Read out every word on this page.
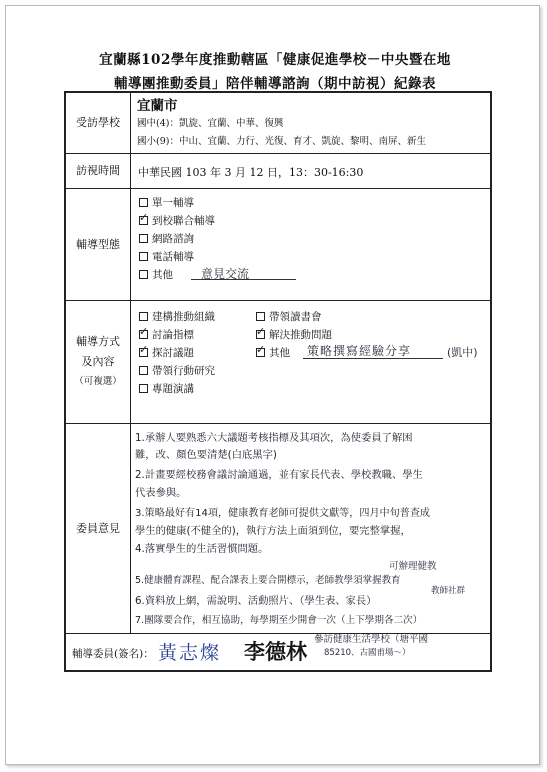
宜蘭縣102學年度推動轄區「健康促進學校－中央暨在地
輔導團推動委員」陪伴輔導諮詢（期中訪視）紀錄表
受訪學校
宜蘭市
國中(4)：凱旋、宜蘭、中華、復興
國小(9)：中山、宜蘭、力行、光復、育才、凱旋、黎明、南屏、新生
訪視時間	中華民國 103 年 3 月 12 日，13：30-16:30
輔導型態
單一輔導
✓ 到校聯合輔導
網路諮詢
電話輔導
其他 意見交流
輔導方式
及內容
（可複選）
建構推動組織
✓ 討論指標
✓ 探討議題
帶領行動研究
專題演講
帶領讀書會
✓ 解決推動問題
✓ 其他 策略撰寫經驗分享	(凱中)
委員意見
1.承辦人要熟悉六大議題考核指標及其項次，為使委員了解困
難，改、顏色要清楚(白底黑字)
2.計畫要經校務會議討論通過，並有家長代表、學校教職、學生
代表參與。
3.策略最好有14項，健康教育老師可提供文獻等，四月中旬普查成
學生的健康(不健全的)，執行方法上面須到位，要完整掌握，
4.落實學生的生活習慣問題。
5.健康體育課程、配合課表上要合開標示，老師教學須掌握教育
6.資料放上網，需說明、活動照片、（學生表、家長）
7.團隊要合作，相互協助，每學期至少開會一次（上下學期各二次）
可辦理健教
教師社群
輔導委員(簽名)： 黃志燦 李德林 參訪健康生活學校（塘平國
85210、古國甫場～）
